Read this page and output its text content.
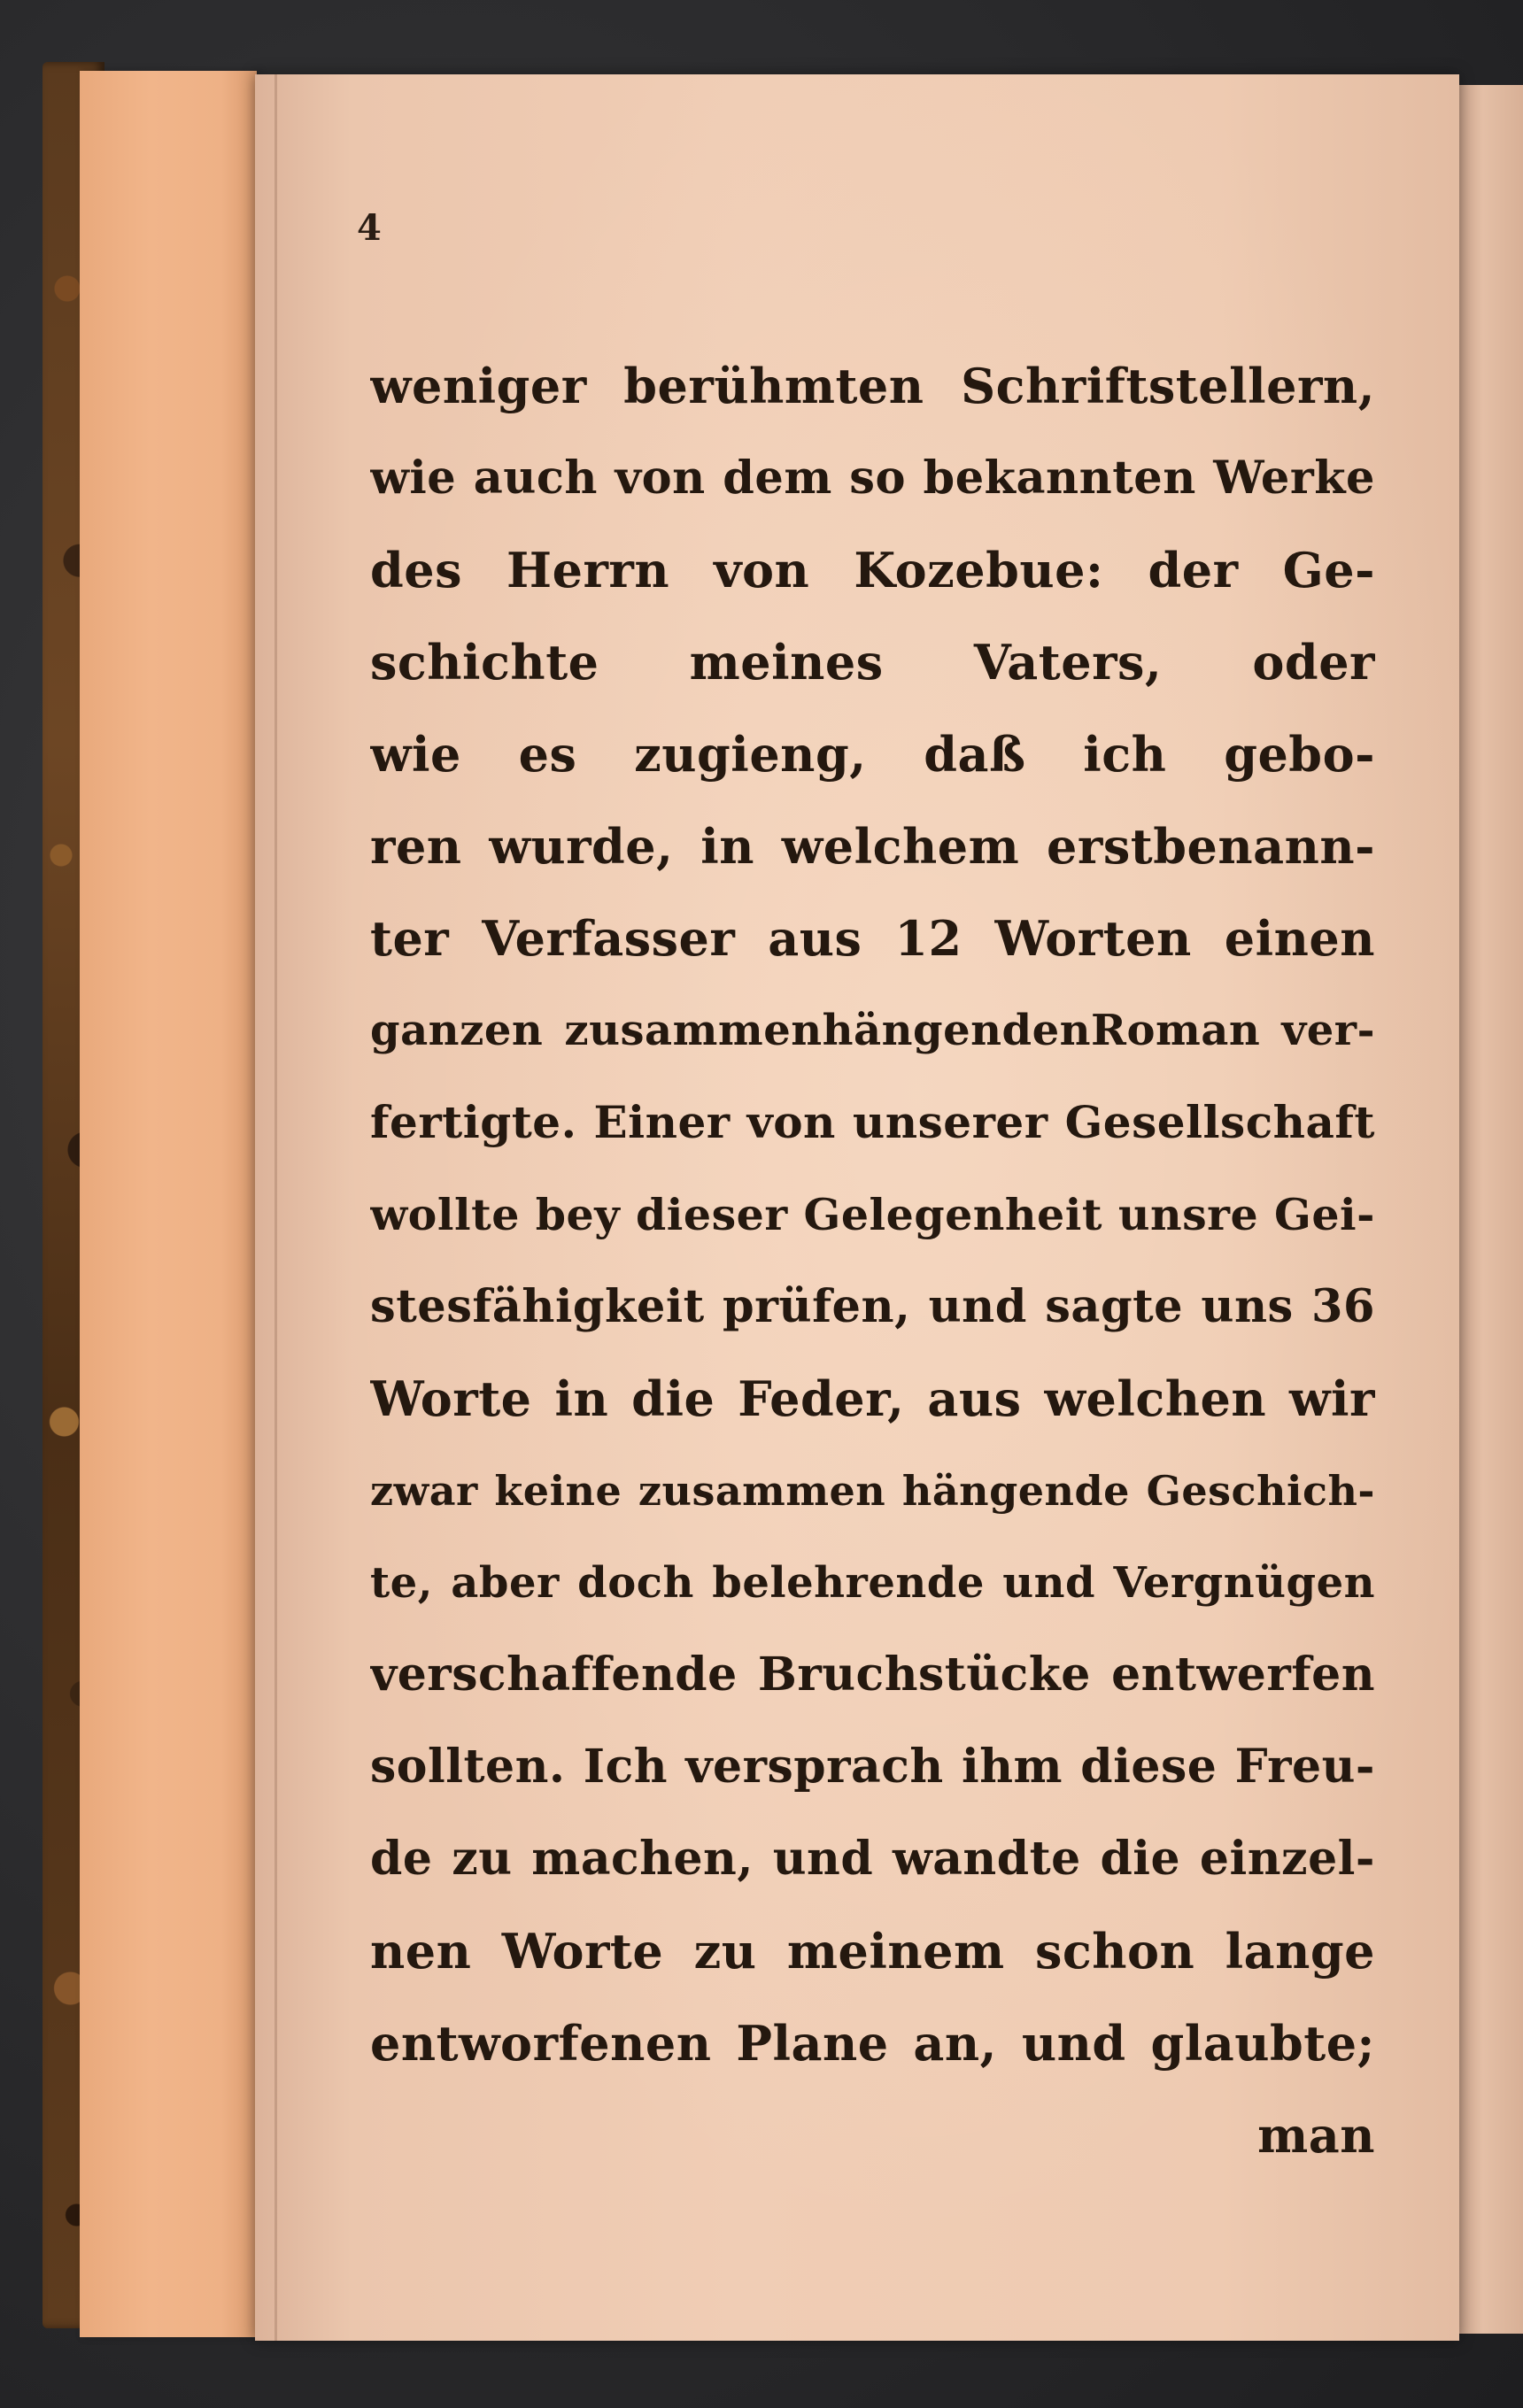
4
weniger berühmten Schriftstellern,
wie auch von dem so bekannten Werke
des Herrn von Kozebue: der Ge-
schichte meines Vaters, oder
wie es zugieng, daß ich gebo-
ren wurde, in welchem erstbenann-
ter Verfasser aus 12 Worten einen
ganzen zusammenhängendenRoman ver-
fertigte. Einer von unserer Gesellschaft
wollte bey dieser Gelegenheit unsre Gei-
stesfähigkeit prüfen, und sagte uns 36
Worte in die Feder, aus welchen wir
zwar keine zusammen hängende Geschich-
te, aber doch belehrende und Vergnügen
verschaffende Bruchstücke entwerfen
sollten. Ich versprach ihm diese Freu-
de zu machen, und wandte die einzel-
nen Worte zu meinem schon lange
entworfenen Plane an, und glaubte;
man
